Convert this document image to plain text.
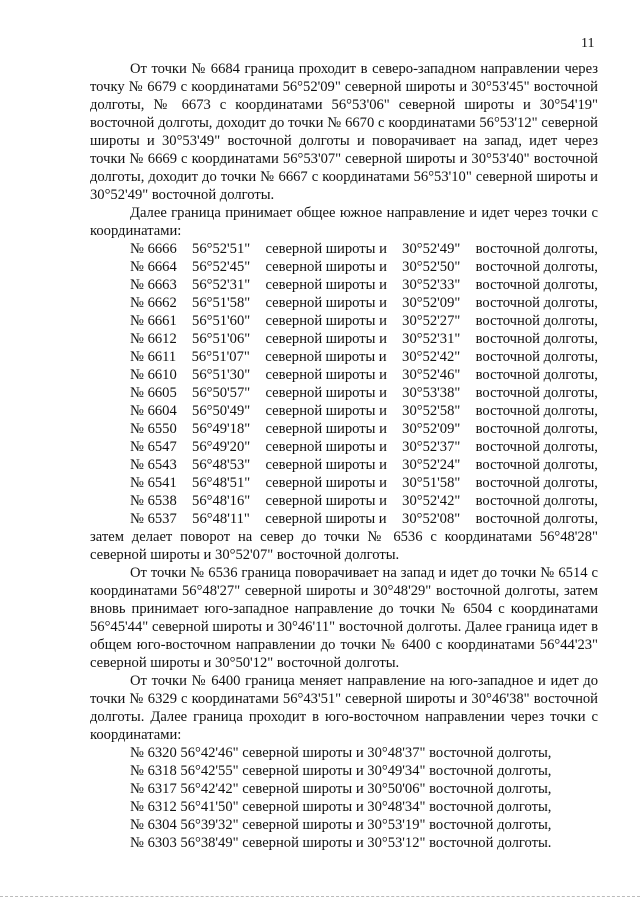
11

От точки № 6684 граница проходит в северо-западном направлении через точку № 6679 с координатами 56°52'09" северной широты и 30°53'45" восточной долготы, № 6673 с координатами 56°53'06" северной широты и 30°54'19" восточной долготы, доходит до точки № 6670 с координатами 56°53'12" северной широты и 30°53'49" восточной долготы и поворачивает на запад, идет через точки № 6669 с координатами 56°53'07" северной широты и 30°53'40" восточной долготы, доходит до точки № 6667 с координатами 56°53'10" северной широты и 30°52'49" восточной долготы.

Далее граница принимает общее южное направление и идет через точки с координатами:

№ 6666 56°52'51" северной широты и 30°52'49" восточной долготы,
№ 6664 56°52'45" северной широты и 30°52'50" восточной долготы,
№ 6663 56°52'31" северной широты и 30°52'33" восточной долготы,
№ 6662 56°51'58" северной широты и 30°52'09" восточной долготы,
№ 6661 56°51'60" северной широты и 30°52'27" восточной долготы,
№ 6612 56°51'06" северной широты и 30°52'31" восточной долготы,
№ 6611 56°51'07" северной широты и 30°52'42" восточной долготы,
№ 6610 56°51'30" северной широты и 30°52'46" восточной долготы,
№ 6605 56°50'57" северной широты и 30°53'38" восточной долготы,
№ 6604 56°50'49" северной широты и 30°52'58" восточной долготы,
№ 6550 56°49'18" северной широты и 30°52'09" восточной долготы,
№ 6547 56°49'20" северной широты и 30°52'37" восточной долготы,
№ 6543 56°48'53" северной широты и 30°52'24" восточной долготы,
№ 6541 56°48'51" северной широты и 30°51'58" восточной долготы,
№ 6538 56°48'16" северной широты и 30°52'42" восточной долготы,
№ 6537 56°48'11" северной широты и 30°52'08" восточной долготы,

затем делает поворот на север до точки № 6536 с координатами 56°48'28" северной широты и 30°52'07" восточной долготы.

От точки № 6536 граница поворачивает на запад и идет до точки № 6514 с координатами 56°48'27" северной широты и 30°48'29" восточной долготы, затем вновь принимает юго-западное направление до точки № 6504 с координатами 56°45'44" северной широты и 30°46'11" восточной долготы. Далее граница идет в общем юго-восточном направлении до точки № 6400 с координатами 56°44'23" северной широты и 30°50'12" восточной долготы.

От точки № 6400 граница меняет направление на юго-западное и идет до точки № 6329 с координатами 56°43'51" северной широты и 30°46'38" восточной долготы. Далее граница проходит в юго-восточном направлении через точки с координатами:

№ 6320 56°42'46" северной широты и 30°48'37" восточной долготы,
№ 6318 56°42'55" северной широты и 30°49'34" восточной долготы,
№ 6317 56°42'42" северной широты и 30°50'06" восточной долготы,
№ 6312 56°41'50" северной широты и 30°48'34" восточной долготы,
№ 6304 56°39'32" северной широты и 30°53'19" восточной долготы,
№ 6303 56°38'49" северной широты и 30°53'12" восточной долготы.
